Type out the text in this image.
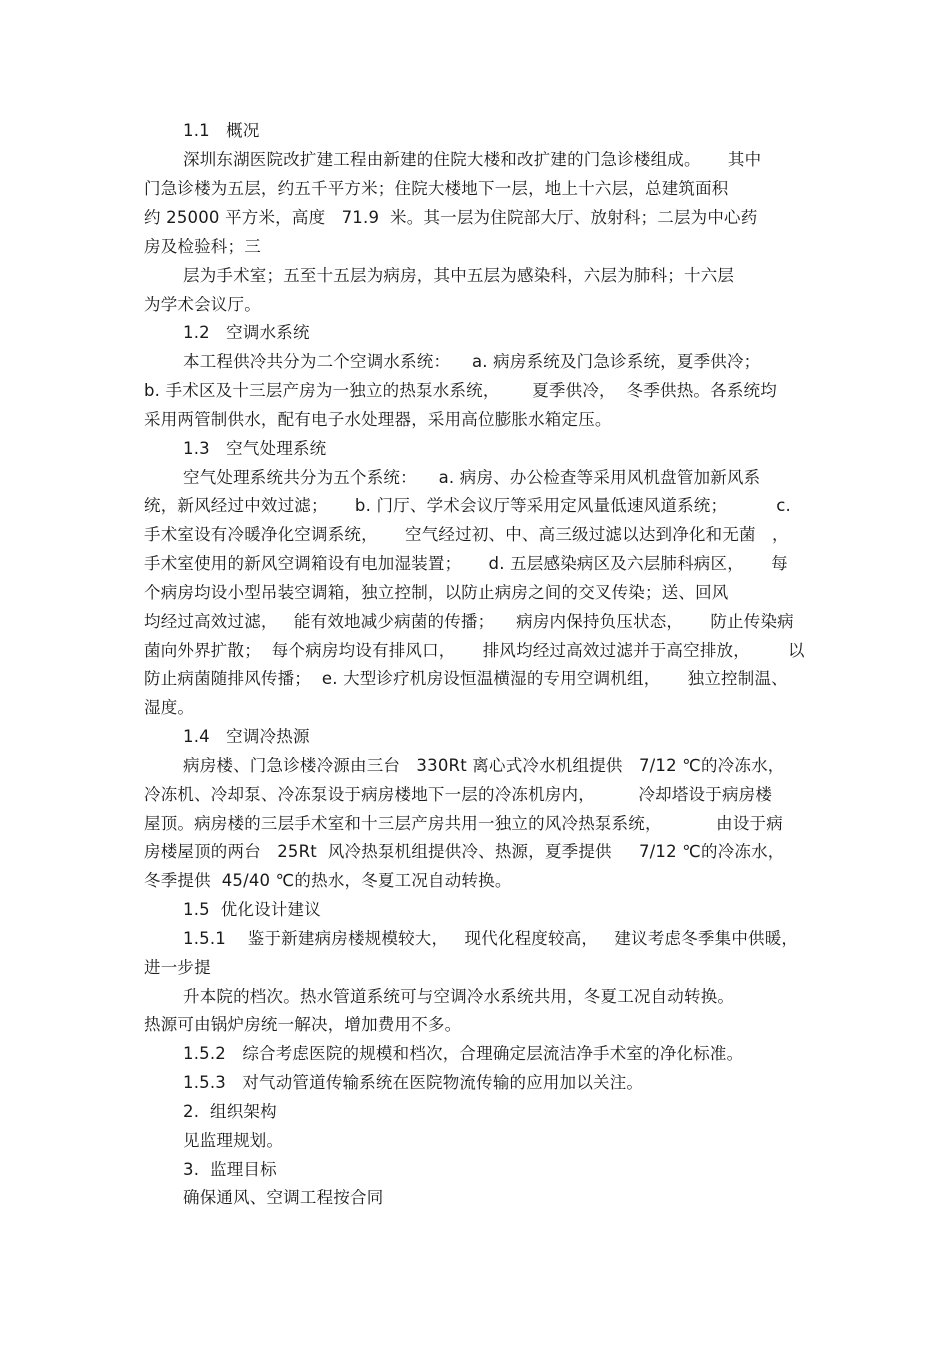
1.1   概况
深圳东湖医院改扩建工程由新建的住院大楼和改扩建的门急诊楼组成。     其中
门急诊楼为五层，约五千平方米；住院大楼地下一层，地上十六层，总建筑面积
约 25000 平方米，高度   71.9  米。其一层为住院部大厅、放射科；二层为中心药
房及检验科；三
层为手术室；五至十五层为病房，其中五层为感染科，六层为肺科；十六层
为学术会议厅。
1.2   空调水系统
本工程供冷共分为二个空调水系统：    a. 病房系统及门急诊系统，夏季供冷；
b. 手术区及十三层产房为一独立的热泵水系统，      夏季供冷，  冬季供热。各系统均
采用两管制供水，配有电子水处理器，采用高位膨胀水箱定压。
1.3   空气处理系统
空气处理系统共分为五个系统：    a. 病房、办公检查等采用风机盘管加新风系
统，新风经过中效过滤；     b. 门厅、学术会议厅等采用定风量低速风道系统；         c.
手术室设有冷暖净化空调系统，     空气经过初、中、高三级过滤以达到净化和无菌   ，
手术室使用的新风空调箱设有电加湿装置；     d. 五层感染病区及六层肺科病区，     每
个病房均设小型吊装空调箱，独立控制，以防止病房之间的交叉传染；送、回风
均经过高效过滤，   能有效地减少病菌的传播；    病房内保持负压状态，     防止传染病
菌向外界扩散；  每个病房均设有排风口，     排风均经过高效过滤并于高空排放，       以
防止病菌随排风传播；  e. 大型诊疗机房设恒温横湿的专用空调机组，     独立控制温、
湿度。
1.4   空调冷热源
病房楼、门急诊楼冷源由三台   330Rt 离心式冷水机组提供   7/12 ℃的冷冻水，
冷冻机、冷却泵、冷冻泵设于病房楼地下一层的冷冻机房内，        冷却塔设于病房楼
屋顶。病房楼的三层手术室和十三层产房共用一独立的风冷热泵系统，          由设于病
房楼屋顶的两台   25Rt  风冷热泵机组提供冷、热源，夏季提供     7/12 ℃的冷冻水，
冬季提供  45/40 ℃的热水，冬夏工况自动转换。
1.5  优化设计建议
1.5.1    鉴于新建病房楼规模较大，   现代化程度较高，   建议考虑冬季集中供暖，
进一步提
升本院的档次。热水管道系统可与空调冷水系统共用，冬夏工况自动转换。
热源可由锅炉房统一解决，增加费用不多。
1.5.2   综合考虑医院的规模和档次，合理确定层流洁净手术室的净化标准。
1.5.3   对气动管道传输系统在医院物流传输的应用加以关注。
2.  组织架构
见监理规划。
3.  监理目标
确保通风、空调工程按合同
